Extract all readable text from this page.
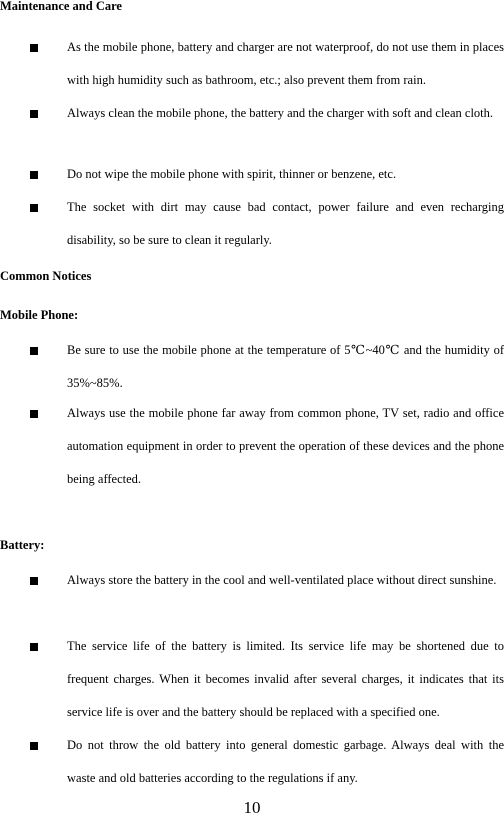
Maintenance and Care
As the mobile phone, battery and charger are not waterproof, do not use them in places with high humidity such as bathroom, etc.; also prevent them from rain.
Always clean the mobile phone, the battery and the charger with soft and clean cloth.
Do not wipe the mobile phone with spirit, thinner or benzene, etc.
The socket with dirt may cause bad contact, power failure and even recharging disability, so be sure to clean it regularly.
Common Notices
Mobile Phone:
Be sure to use the mobile phone at the temperature of 5℃~40℃ and the humidity of 35%~85%.
Always use the mobile phone far away from common phone, TV set, radio and office automation equipment in order to prevent the operation of these devices and the phone being affected.
Battery:
Always store the battery in the cool and well-ventilated place without direct sunshine.
The service life of the battery is limited. Its service life may be shortened due to frequent charges. When it becomes invalid after several charges, it indicates that its service life is over and the battery should be replaced with a specified one.
Do not throw the old battery into general domestic garbage. Always deal with the waste and old batteries according to the regulations if any.
10
